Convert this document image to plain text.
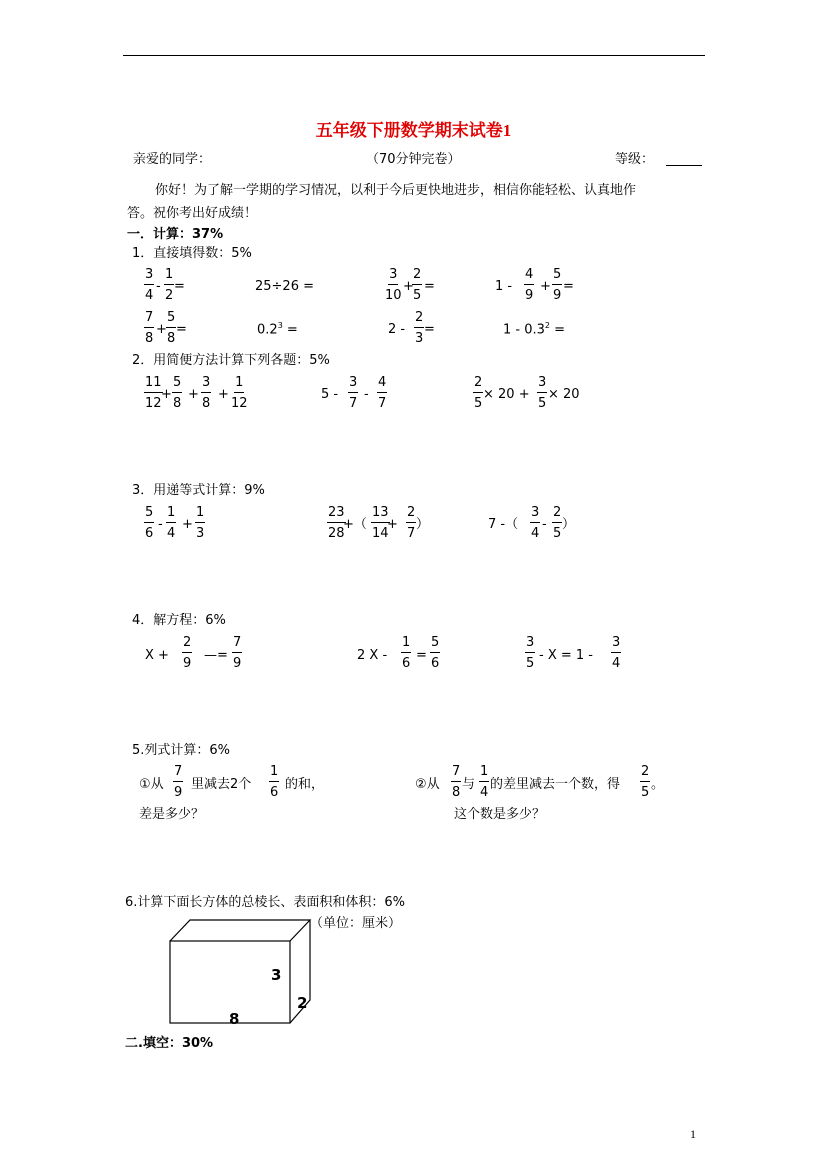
五年级下册数学期末试卷1
亲爱的同学：	（70分钟完卷）	等级：
你好！为了解一学期的学习情况，以利于今后更快地进步，相信你能轻松、认真地作
答。祝你考出好成绩！
一．计算：37%
1．直接填得数：5%
$\frac{3}{4} - \frac{1}{2}$ =	25÷26 =	$\frac{3}{10}$ +
$\frac{2}{5}$ =	$1 - \frac{4}{9} + \frac{5}{9}$ =
$\frac{7}{8} + \frac{5}{8}$ =	$0.2^3$ =	$2 - \frac{2}{3}$ =	$1 - 0.3^2$ =
2．用简便方法计算下列各题：5%
$\frac{11}{12}$
+ $\frac{5}{8} + \frac{3}{8} + \frac{1}{12}$	$5 - \frac{3}{7} - \frac{4}{7}$	$\frac{2}{5} \times 20 + \frac{3}{5} \times 20$
3．用递等式计算：9%
$\frac{5}{6} - \frac{1}{4} + \frac{1}{3}$	$\frac{23}{28}$
+（ $\frac{13}{14}$
+ $\frac{2}{7}$ ）	7 -（ $\frac{3}{4} - \frac{2}{5}$ ）
4．解方程：6%
$X + \frac{2}{9}$ —= $\frac{7}{9}$	2 $X - \frac{1}{6} = \frac{5}{6}$	$\frac{3}{5} - X = 1 - \frac{3}{4}$
5.列式计算：6%
①从 $\frac{7}{9}$ 里减去2个 $\frac{1}{6}$ 的和，
差是多少？
②从 $\frac{7}{8}$ 与 $\frac{1}{4}$ 的差里减去一个数，得 $\frac{2}{5}$ 。
这个数是多少？
6.计算下面长方体的总棱长、表面积和体积：6%
（单位：厘米）
3
2
8
二.填空：30%
1
